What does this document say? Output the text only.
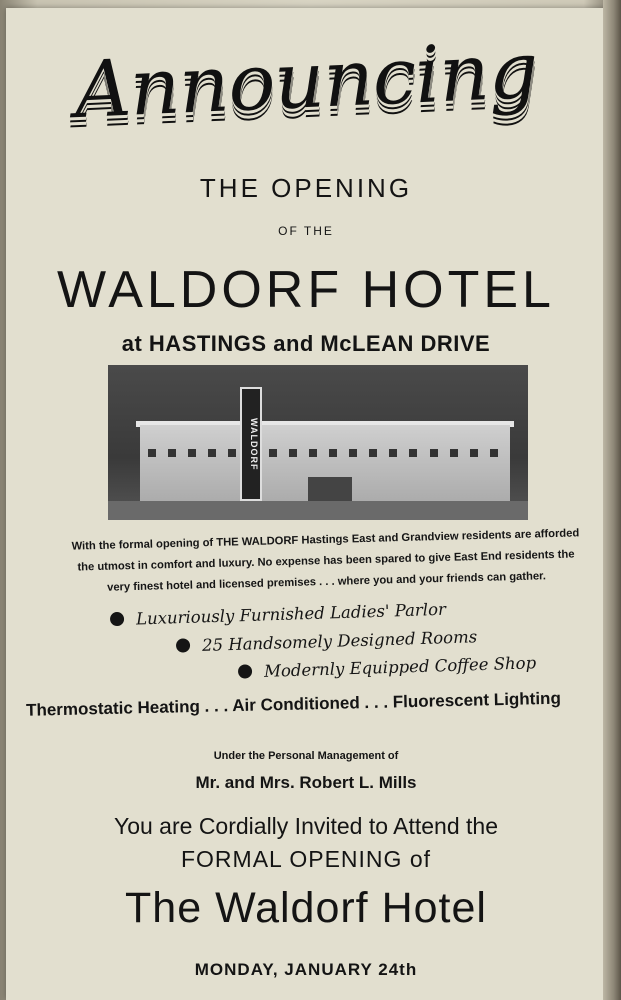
Announcing
THE OPENING
OF THE
WALDORF HOTEL
at HASTINGS and McLEAN DRIVE
WALDORF
With the formal opening of THE WALDORF Hastings East and Grandview residents are afforded the utmost in comfort and luxury. No expense has been spared to give East End residents the very finest hotel and licensed premises . . . where you and your friends can gather.
Luxuriously Furnished Ladies' Parlor
25 Handsomely Designed Rooms
Modernly Equipped Coffee Shop
Thermostatic Heating . . . Air Conditioned . . . Fluorescent Lighting
Under the Personal Management of
Mr. and Mrs. Robert L. Mills
You are Cordially Invited to Attend the
FORMAL OPENING of
The Waldorf Hotel
MONDAY, JANUARY 24th
